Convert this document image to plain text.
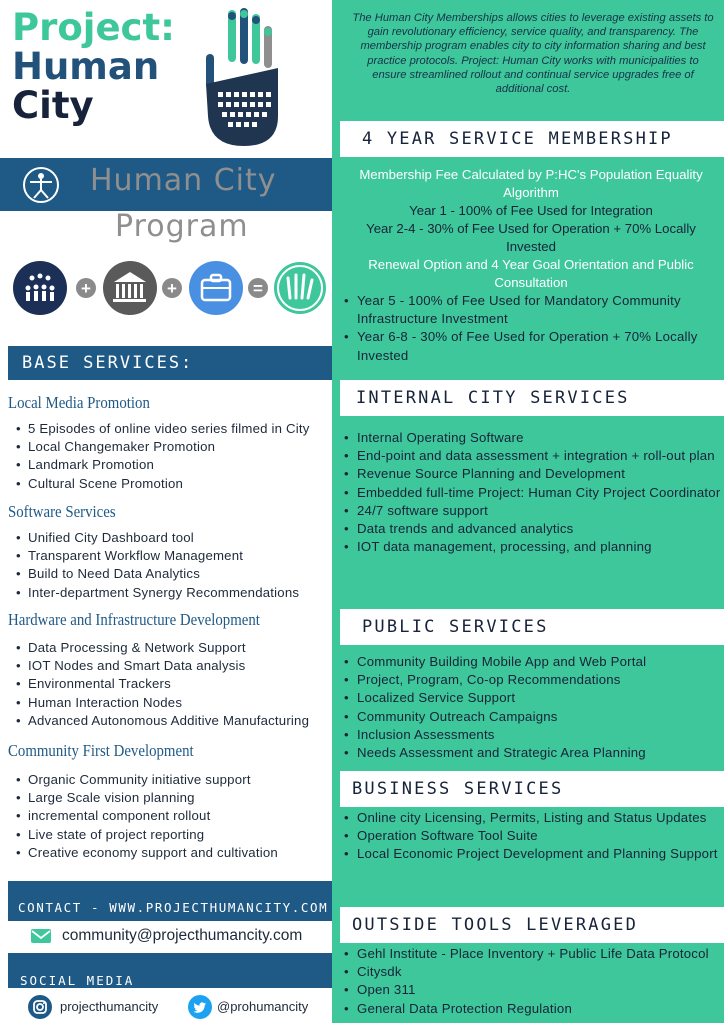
Project:
Human
City
Human City
Program
+	+	=
BASE SERVICES:
Local Media Promotion
• 5 Episodes of online video series filmed in City
• Local Changemaker Promotion
• Landmark Promotion
• Cultural Scene Promotion
Software Services
• Unified City Dashboard tool
• Transparent Workflow Management
• Build to Need Data Analytics
• Inter-department Synergy Recommendations
Hardware and Infrastructure Development
• Data Processing & Network Support
• IOT Nodes and Smart Data analysis
• Environmental Trackers
• Human Interaction Nodes
• Advanced Autonomous Additive Manufacturing
Community First Development
• Organic Community initiative support
• Large Scale vision planning
• incremental component rollout
• Live state of project reporting
• Creative economy support and cultivation
CONTACT - WWW.PROJECTHUMANCITY.COM
community@projecthumancity.com
SOCIAL MEDIA
projecthumancity	@prohumancity
The Human City Memberships allows cities to leverage existing assets to gain revolutionary efficiency, service quality, and transparency. The membership program enables city to city information sharing and best practice protocols. Project: Human City works with municipalities to ensure streamlined rollout and continual service upgrades free of additional cost.
4 YEAR SERVICE MEMBERSHIP
Membership Fee Calculated by P:HC's Population Equality Algorithm
Year 1 - 100% of Fee Used for Integration
Year 2-4 - 30% of Fee Used for Operation + 70% Locally Invested
Renewal Option and 4 Year Goal Orientation and Public Consultation
• Year 5 - 100% of Fee Used for Mandatory Community Infrastructure Investment
• Year 6-8 - 30% of Fee Used for Operation + 70% Locally Invested
INTERNAL CITY SERVICES
• Internal Operating Software
• End-point and data assessment + integration + roll-out plan
• Revenue Source Planning and Development
• Embedded full-time Project: Human City Project Coordinator
• 24/7 software support
• Data trends and advanced analytics
• IOT data management, processing, and planning
PUBLIC SERVICES
• Community Building Mobile App and Web Portal
• Project, Program, Co-op Recommendations
• Localized Service Support
• Community Outreach Campaigns
• Inclusion Assessments
• Needs Assessment and Strategic Area Planning
BUSINESS SERVICES
• Online city Licensing, Permits, Listing and Status Updates
• Operation Software Tool Suite
• Local Economic Project Development and Planning Support
OUTSIDE TOOLS LEVERAGED
• Gehl Institute - Place Inventory + Public Life Data Protocol
• Citysdk
• Open 311
• General Data Protection Regulation
